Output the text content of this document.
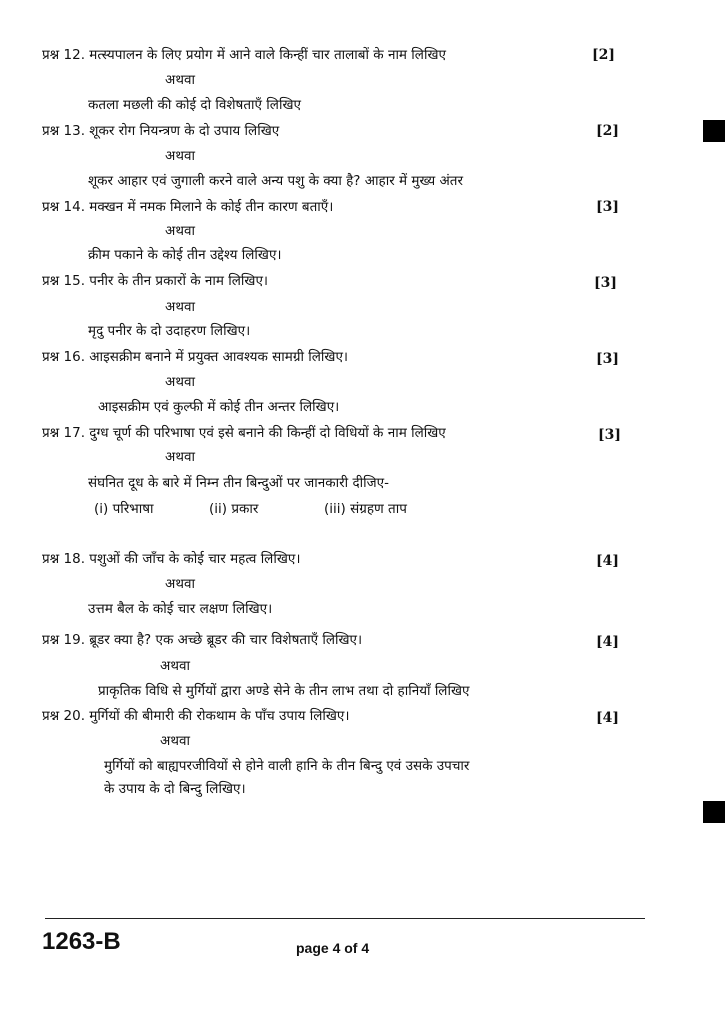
प्रश्न 12. मत्स्यपालन के लिए प्रयोग में आने वाले किन्हीं चार तालाबों के नाम लिखिए	[2]
अथवा
कतला मछली की कोई दो विशेषताएँ लिखिए
प्रश्न 13. शूकर रोग नियन्त्रण के दो उपाय लिखिए	[2]
अथवा
शूकर आहार एवं जुगाली करने वाले अन्य पशु के क्या है? आहार में मुख्य अंतर
प्रश्न 14. मक्खन में नमक मिलाने के कोई तीन कारण बताएँ।	[3]
अथवा
क्रीम पकाने के कोई तीन उद्देश्य लिखिए।
प्रश्न 15. पनीर के तीन प्रकारों के नाम लिखिए।	[3]
अथवा
मृदु पनीर के दो उदाहरण लिखिए।
प्रश्न 16. आइसक्रीम बनाने में प्रयुक्त आवश्यक सामग्री लिखिए।	[3]
अथवा
आइसक्रीम एवं कुल्फी में कोई तीन अन्तर लिखिए।
प्रश्न 17. दुग्ध चूर्ण की परिभाषा एवं इसे बनाने की किन्हीं दो विधियों के नाम लिखिए	[3]
अथवा
संघनित दूध के बारे में निम्न तीन बिन्दुओं पर जानकारी दीजिए-
(i) परिभाषा	(ii) प्रकार	(iii) संग्रहण ताप
प्रश्न 18. पशुओं की जाँच के कोई चार महत्व लिखिए।	[4]
अथवा
उत्तम बैल के कोई चार लक्षण लिखिए।
प्रश्न 19. ब्रूडर क्या है? एक अच्छे ब्रूडर की चार विशेषताएँ लिखिए।	[4]
अथवा
प्राकृतिक विधि से मुर्गियों द्वारा अण्डे सेने के तीन लाभ तथा दो हानियाँ लिखिए
प्रश्न 20. मुर्गियों की बीमारी की रोकथाम के पाँच उपाय लिखिए।	[4]
अथवा
मुर्गियों को बाह्यपरजीवियों से होने वाली हानि के तीन बिन्दु एवं उसके उपचार
के उपाय के दो बिन्दु लिखिए।
1263-B	page 4 of 4
